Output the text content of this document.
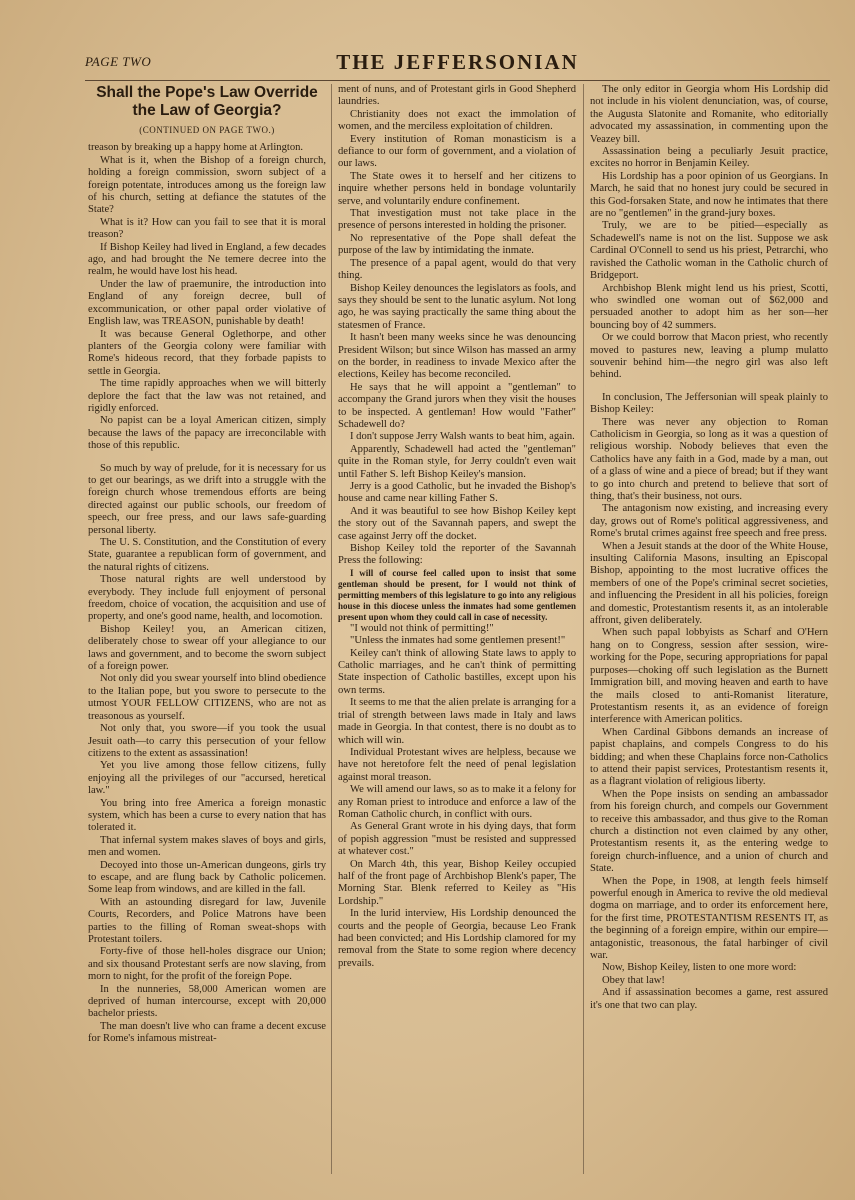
PAGE TWO	THE JEFFERSONIAN
Shall the Pope's Law Override the Law of Georgia?
(CONTINUED ON PAGE TWO.)

treason by breaking up a happy home at Arlington.

What is it, when the Bishop of a foreign church, holding a foreign commission, sworn subject of a foreign potentate, introduces among us the foreign law of his church, setting at defiance the statutes of the State?

What is it? How can you fail to see that it is moral treason?

If Bishop Keiley had lived in England, a few decades ago, and had brought the Ne temere decree into the realm, he would have lost his head.

Under the law of praemunire, the introduction into England of any foreign decree, bull of excommunication, or other papal order violative of English law, was TREASON, punishable by death!

It was because General Oglethorpe, and other planters of the Georgia colony were familiar with Rome's hideous record, that they forbade papists to settle in Georgia.

The time rapidly approaches when we will bitterly deplore the fact that the law was not retained, and rigidly enforced.

No papist can be a loyal American citizen, simply because the laws of the papacy are irreconcilable with those of this republic.

So much by way of prelude, for it is necessary for us to get our bearings, as we drift into a struggle with the foreign church whose tremendous efforts are being directed against our public schools, our freedom of speech, our free press, and our laws safe-guarding personal liberty.

The U. S. Constitution, and the Constitution of every State, guarantee a republican form of government, and the natural rights of citizens.

Those natural rights are well understood by everybody. They include full enjoyment of personal freedom, choice of vocation, the acquisition and use of property, and one's good name, health, and locomotion.

Bishop Keiley! you, an American citizen, deliberately chose to swear off your allegiance to our laws and government, and to become the sworn subject of a foreign power.

Not only did you swear yourself into blind obedience to the Italian pope, but you swore to persecute to the utmost YOUR FELLOW CITIZENS, who are not as treasonous as yourself.

Not only that, you swore—if you took the usual Jesuit oath—to carry this persecution of your fellow citizens to the extent as assassination!

Yet you live among those fellow citizens, fully enjoying all the privileges of our "accursed, heretical law."

You bring into free America a foreign monastic system, which has been a curse to every nation that has tolerated it.

That infernal system makes slaves of boys and girls, men and women.

Decoyed into those un-American dungeons, girls try to escape, and are flung back by Catholic policemen. Some leap from windows, and are killed in the fall.

With an astounding disregard for law, Juvenile Courts, Recorders, and Police Matrons have been parties to the filling of Roman sweat-shops with Protestant toilers.

Forty-five of those hell-holes disgrace our Union; and six thousand Protestant serfs are now slaving, from morn to night, for the profit of the foreign Pope.

In the nunneries, 58,000 American women are deprived of human intercourse, except with 20,000 bachelor priests.

The man doesn't live who can frame a decent excuse for Rome's infamous mistreat-

ment of nuns, and of Protestant girls in Good Shepherd laundries.

Christianity does not exact the immolation of women, and the merciless exploitation of children.

Every institution of Roman monasticism is a defiance to our form of government, and a violation of our laws.

The State owes it to herself and her citizens to inquire whether persons held in bondage voluntarily serve, and voluntarily endure confinement.

That investigation must not take place in the presence of persons interested in holding the prisoner.

No representative of the Pope shall defeat the purpose of the law by intimidating the inmate.

The presence of a papal agent, would do that very thing.

Bishop Keiley denounces the legislators as fools, and says they should be sent to the lunatic asylum. Not long ago, he was saying practically the same thing about the statesmen of France.

It hasn't been many weeks since he was denouncing President Wilson; but since Wilson has massed an army on the border, in readiness to invade Mexico after the elections, Keiley has become reconciled.

He says that he will appoint a "gentleman" to accompany the Grand jurors when they visit the houses to be inspected. A gentleman! How would "Father" Schadewell do?

I don't suppose Jerry Walsh wants to beat him, again.

Apparently, Schadewell had acted the "gentleman" quite in the Roman style, for Jerry couldn't even wait until Father S. left Bishop Keiley's mansion.

Jerry is a good Catholic, but he invaded the Bishop's house and came near killing Father S.

And it was beautiful to see how Bishop Keiley kept the story out of the Savannah papers, and swept the case against Jerry off the docket.

Bishop Keiley told the reporter of the Savannah Press the following:

I will of course feel called upon to insist that some gentleman should be present, for I would not think of permitting members of this legislature to go into any religious house in this diocese unless the inmates had some gentlemen present upon whom they could call in case of necessity.

"I would not think of permitting!"

"Unless the inmates had some gentlemen present!"

Keiley can't think of allowing State laws to apply to Catholic marriages, and he can't think of permitting State inspection of Catholic bastilles, except upon his own terms.

It seems to me that the alien prelate is arranging for a trial of strength between laws made in Italy and laws made in Georgia. In that contest, there is no doubt as to which will win.

Individual Protestant wives are helpless, because we have not heretofore felt the need of penal legislation against moral treason.

We will amend our laws, so as to make it a felony for any Roman priest to introduce and enforce a law of the Roman Catholic church, in conflict with ours.

As General Grant wrote in his dying days, that form of popish aggression "must be resisted and suppressed at whatever cost."

On March 4th, this year, Bishop Keiley occupied half of the front page of Archbishop Blenk's paper, The Morning Star. Blenk referred to Keiley as "His Lordship."

In the lurid interview, His Lordship denounced the courts and the people of Georgia, because Leo Frank had been convicted; and His Lordship clamored for my removal from the State to some region where decency prevails.

The only editor in Georgia whom His Lordship did not include in his violent denunciation, was, of course, the Augusta Slatonite and Romanite, who editorially advocated my assassination, in commenting upon the Veazey bill.

Assassination being a peculiarly Jesuit practice, excites no horror in Benjamin Keiley.

His Lordship has a poor opinion of us Georgians. In March, he said that no honest jury could be secured in this God-forsaken State, and now he intimates that there are no "gentlemen" in the grand-jury boxes.

Truly, we are to be pitied—especially as Schadewell's name is not on the list. Suppose we ask Cardinal O'Connell to send us his priest, Petrarchi, who ravished the Catholic woman in the Catholic church of Bridgeport.

Archbishop Blenk might lend us his priest, Scotti, who swindled one woman out of $62,000 and persuaded another to adopt him as her son—her bouncing boy of 42 summers.

Or we could borrow that Macon priest, who recently moved to pastures new, leaving a plump mulatto souvenir behind him—the negro girl was also left behind.

In conclusion, The Jeffersonian will speak plainly to Bishop Keiley:

There was never any objection to Roman Catholicism in Georgia, so long as it was a question of religious worship. Nobody believes that even the Catholics have any faith in a God, made by a man, out of a glass of wine and a piece of bread; but if they want to go into church and pretend to believe that sort of thing, that's their business, not ours.

The antagonism now existing, and increasing every day, grows out of Rome's political aggressiveness, and Rome's brutal crimes against free speech and free press.

When a Jesuit stands at the door of the White House, insulting California Masons, insulting an Episcopal Bishop, appointing to the most lucrative offices the members of one of the Pope's criminal secret societies, and influencing the President in all his policies, foreign and domestic, Protestantism resents it, as an intolerable affront, given deliberately.

When such papal lobbyists as Scharf and O'Hern hang on to Congress, session after session, wire-working for the Pope, securing appropriations for papal purposes—choking off such legislation as the Burnett Immigration bill, and moving heaven and earth to have the mails closed to anti-Romanist literature, Protestantism resents it, as an evidence of foreign interference with American politics.

When Cardinal Gibbons demands an increase of papist chaplains, and compels Congress to do his bidding; and when these Chaplains force non-Catholics to attend their papist services, Protestantism resents it, as a flagrant violation of religious liberty.

When the Pope insists on sending an ambassador from his foreign church, and compels our Government to receive this ambassador, and thus give to the Roman church a distinction not even claimed by any other, Protestantism resents it, as the entering wedge to foreign church-influence, and a union of church and State.

When the Pope, in 1908, at length feels himself powerful enough in America to revive the old medieval dogma on marriage, and to order its enforcement here, for the first time, PROTESTANTISM RESENTS IT, as the beginning of a foreign empire, within our empire—antagonistic, treasonous, the fatal harbinger of civil war.

Now, Bishop Keiley, listen to one more word:

Obey that law!

And if assassination becomes a game, rest assured it's one that two can play.
